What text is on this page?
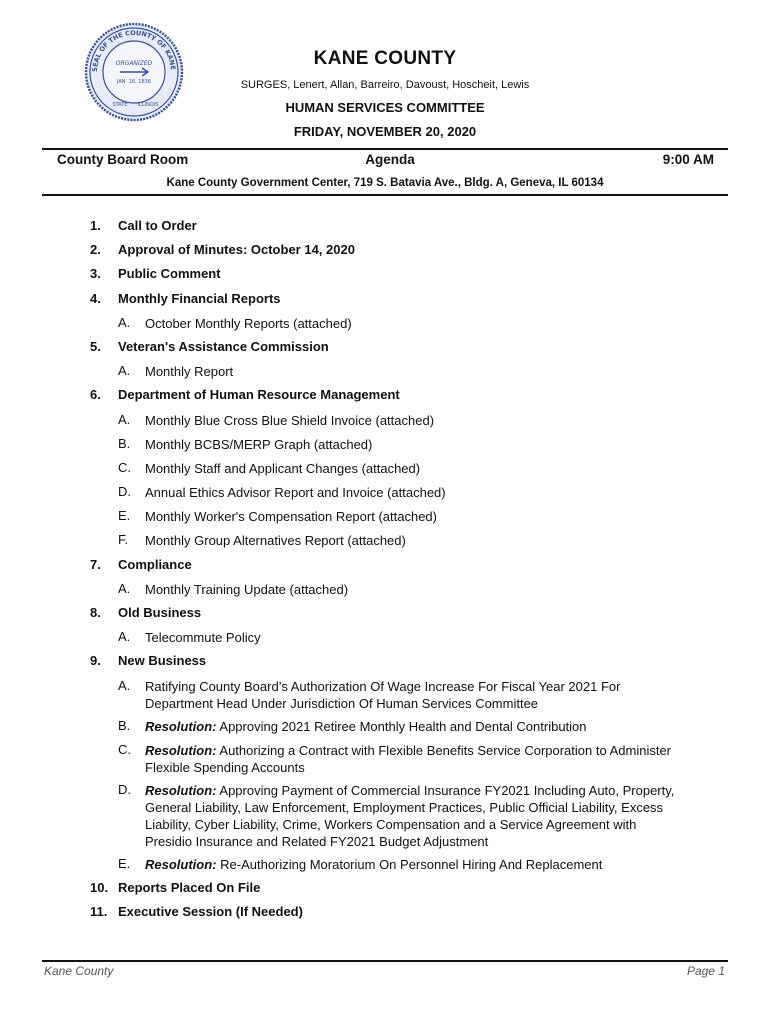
SEAL OF THE COUNTY OF KANE
ORGANIZED
JAN. 16, 1836
STATE ILLINOIS
KANE COUNTY
SURGES, Lenert, Allan, Barreiro, Davoust, Hoscheit, Lewis
HUMAN SERVICES COMMITTEE
FRIDAY, NOVEMBER 20, 2020
County Board Room	Agenda	9:00 AM
Kane County Government Center, 719 S. Batavia Ave., Bldg. A, Geneva, IL 60134
1. Call to Order
2. Approval of Minutes: October 14, 2020
3. Public Comment
4. Monthly Financial Reports
A. October Monthly Reports (attached)
5. Veteran's Assistance Commission
A. Monthly Report
6. Department of Human Resource Management
A. Monthly Blue Cross Blue Shield Invoice (attached)
B. Monthly BCBS/MERP Graph (attached)
C. Monthly Staff and Applicant Changes (attached)
D. Annual Ethics Advisor Report and Invoice (attached)
E. Monthly Worker's Compensation Report (attached)
F. Monthly Group Alternatives Report (attached)
7. Compliance
A. Monthly Training Update (attached)
8. Old Business
A. Telecommute Policy
9. New Business
A. Ratifying County Board’s Authorization Of Wage Increase For Fiscal Year 2021 For Department Head Under Jurisdiction Of Human Services Committee
B. Resolution: Approving 2021 Retiree Monthly Health and Dental Contribution
C. Resolution: Authorizing a Contract with Flexible Benefits Service Corporation to Administer Flexible Spending Accounts
D. Resolution: Approving Payment of Commercial Insurance FY2021 Including Auto, Property, General Liability, Law Enforcement, Employment Practices, Public Official Liability, Excess Liability, Cyber Liability, Crime, Workers Compensation and a Service Agreement with Presidio Insurance and Related FY2021 Budget Adjustment
E. Resolution: Re-Authorizing Moratorium On Personnel Hiring And Replacement
10. Reports Placed On File
11. Executive Session (If Needed)
Kane County	Page 1
